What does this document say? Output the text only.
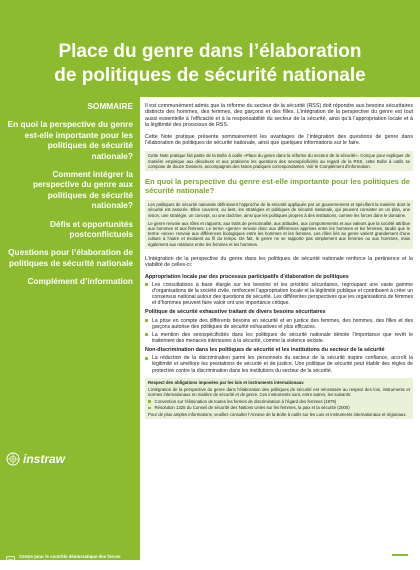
Place du genre dans l’élaboration
de politiques de sécurité nationale
SOMMAIRE
En quoi la perspective du genre est-elle importante pour les politiques de sécurité nationale?
Comment intégrer la perspective du genre aux politiques de sécurité nationale?
Défis et opportunités postconflictuels
Questions pour l’élaboration de politiques de sécurité nationale
Complément d’information
instraw
Centre pour le contrôle démocratique des forces armées Genève (DCAF)

Il est communément admis que la réforme du secteur de la sécurité (RSS) doit répondre aux besoins sécuritaires distincts des hommes, des femmes, des garçons et des filles. L’intégration de la perspective du genre est tout aussi essentielle à l’efficacité et à la responsabilité du secteur de la sécurité, ainsi qu’à l’appropriation locale et à la légitimité des processus de RSS.

Cette Note pratique présente sommairement les avantages de l’intégration des questions de genre dans l’élaboration de politiques de sécurité nationale, ainsi que quelques informations sur le faire.

Cette Note pratique fait partie de la Boîte à outils «Place du genre dans la réforme du secteur de la sécurité». Conçue pour expliquer de manière empirique aux décideurs et aux praticiens les questions des sexospécificités au regard de la RSS, cette Boîte à outils se compose de douze Dossiers, accompagnés des Notes pratiques correspondantes. Voir le Complément d’information.
En quoi la perspective du genre est-elle importante pour les politiques de sécurité nationale?
Les politiques de sécurité nationale définissent l’approche de la sécurité appliquée par un gouvernement et spécifient la manière dont la sécurité est assurée. Elles couvrent, ou lient, les stratégies et politiques de sécurité nationale, qui peuvent consister en un plan, une vision, une stratégie, un concept, ou une doctrine, ainsi que les politiques propres à des institutions, comme les forces dans le domaine.
Le genre renvoie aux rôles et rapports, aux traits de personnalité, aux attitudes, aux comportements et aux valeurs que la société attribue aux hommes et aux femmes. Le terme «genre» renvoie donc aux différences apprises entre les hommes et les femmes, tandis que le terme «sexe» renvoie aux différences biologiques entre les hommes et les femmes. Les rôles liés au genre varient grandement d’une culture à l’autre et évoluent au fil du temps. De fait, le genre ne se rapporte pas simplement aux femmes ou aux hommes, mais également aux relations entre les femmes et les hommes.

L’intégration de la perspective du genre dans les politiques de sécurité nationale renforce la pertinence et la viabilité de celles-ci:

Appropriation locale par des processus participatifs d’élaboration de politiques
Les consultations à base élargie sur les besoins et les priorités sécuritaires, regroupant une vaste gamme d’organisations de la société civile, renforcent l’appropriation locale et la légitimité publique et contribuent à créer un consensus national autour des questions de sécurité. Les différentes perspectives que les organisations de femmes et d’hommes peuvent faire valoir ont une importance critique.
Politique de sécurité exhaustive traitant de divers besoins sécuritaires
La prise en compte des différents besoins en sécurité et en justice des femmes, des hommes, des filles et des garçons autorise des politiques de sécurité exhaustives et plus efficaces.
La mention des sexospécificités dans les politiques de sécurité nationale dénote l’importance que revêt le traitement des menaces intérieures à la sécurité, comme la violence sexiste.
Non-discrimination dans les politiques de sécurité et les institutions du secteur de la sécurité
La réduction de la discrimination parmi les personnels du secteur de la sécurité inspire confiance, accroît la légitimité et améliore les prestations de sécurité et de justice. Une politique de sécurité peut établir des règles de protection contre la discrimination dans les institutions du secteur de la sécurité.
Respect des obligations imposées par les lois et instruments internationaux
L’intégration de la perspective du genre dans l’élaboration des politiques de sécurité est nécessaire au respect des lois, instruments et normes internationaux en matière de sécurité et de genre. Ces instruments sont, entre autres, les suivants:
Convention sur l’élimination de toutes les formes de discrimination à l’égard des femmes (1979)
Résolution 1325 du Conseil de sécurité des Nations Unies sur les femmes, la paix et la sécurité (2000)
Pour de plus amples informations, veuillez consulter l’Annexe de la Boîte à outils sur les Lois et instruments internationaux et régionaux.
